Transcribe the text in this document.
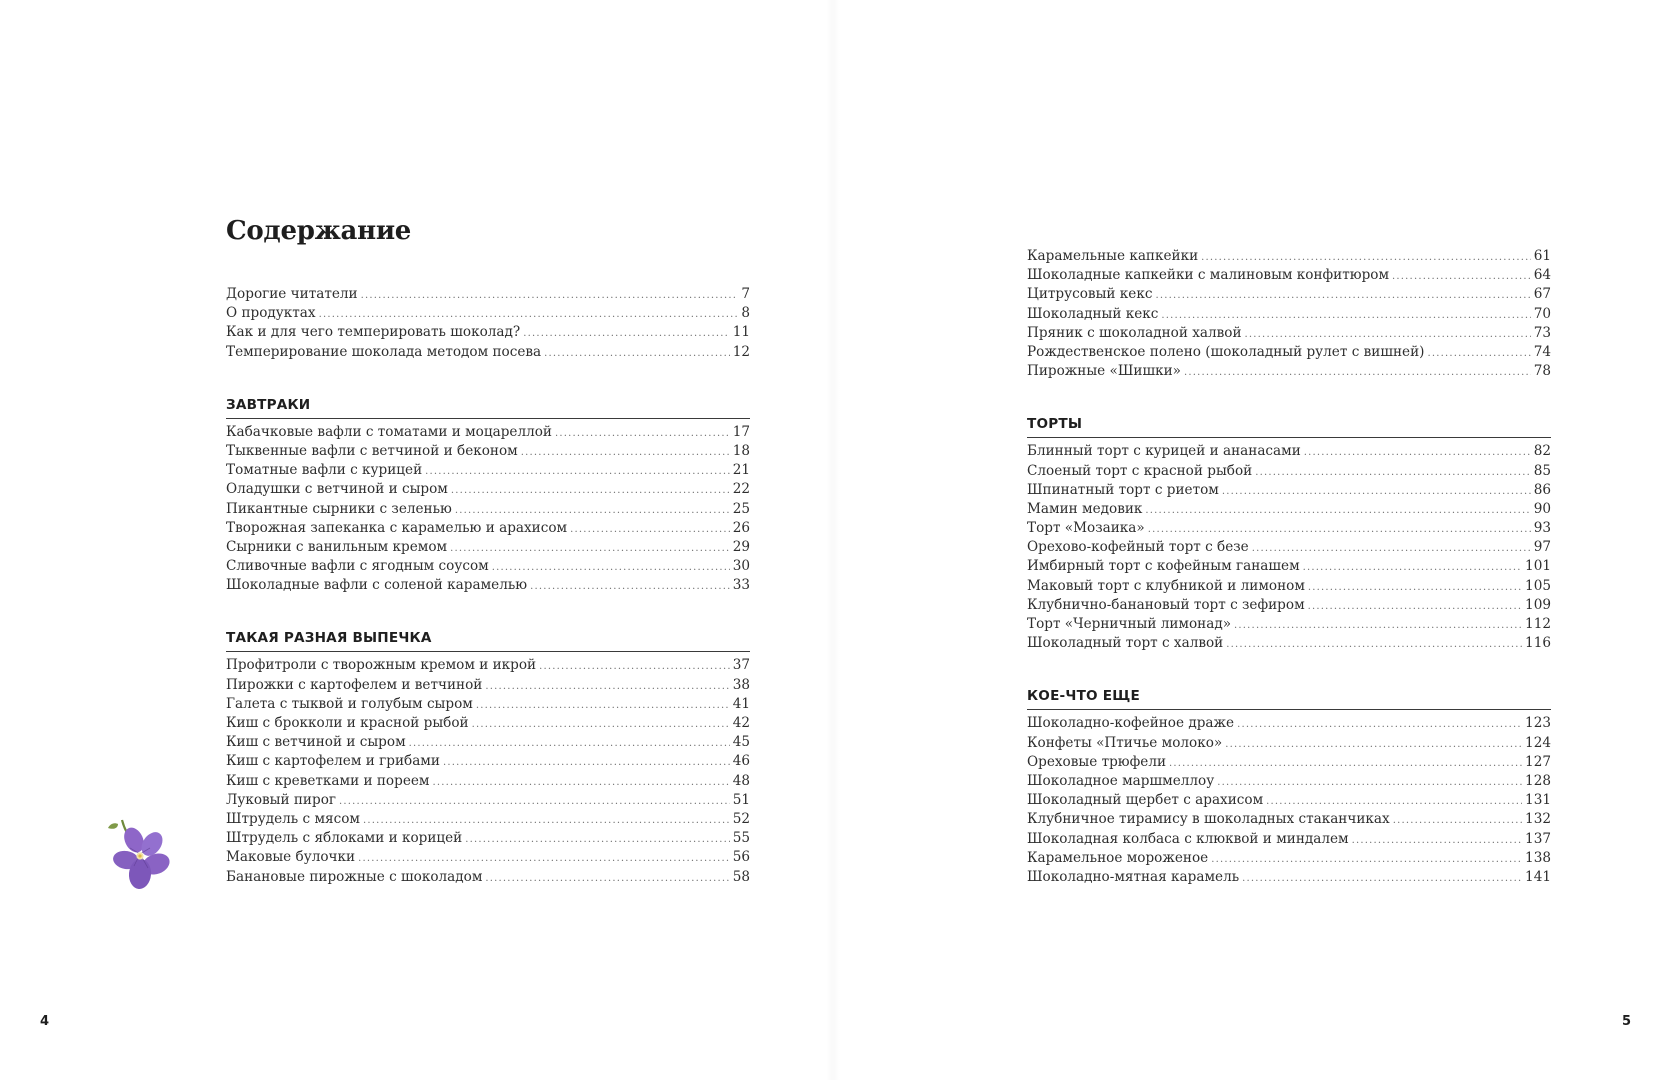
Содержание
Дорогие читатели .....	7
О продуктах .....	8
Как и для чего темперировать шоколад? .....	11
Темперирование шоколада методом посева .....	12
ЗАВТРАКИ
Кабачковые вафли с томатами и моцареллой .....	17
Тыквенные вафли с ветчиной и беконом .....	18
Томатные вафли с курицей .....	21
Оладушки с ветчиной и сыром .....	22
Пикантные сырники с зеленью .....	25
Творожная запеканка с карамелью и арахисом .....	26
Сырники с ванильным кремом .....	29
Сливочные вафли с ягодным соусом .....	30
Шоколадные вафли с соленой карамелью .....	33
ТАКАЯ РАЗНАЯ ВЫПЕЧКА
Профитроли с творожным кремом и икрой .....	37
Пирожки с картофелем и ветчиной .....	38
Галета с тыквой и голубым сыром .....	41
Киш с брокколи и красной рыбой .....	42
Киш с ветчиной и сыром .....	45
Киш с картофелем и грибами .....	46
Киш с креветками и пореем .....	48
Луковый пирог .....	51
Штрудель с мясом .....	52
Штрудель с яблоками и корицей .....	55
Маковые булочки .....	56
Банановые пирожные с шоколадом .....	58
Карамельные капкейки .....	61
Шоколадные капкейки с малиновым конфитюром .....	64
Цитрусовый кекс .....	67
Шоколадный кекс .....	70
Пряник с шоколадной халвой .....	73
Рождественское полено (шоколадный рулет с вишней) .....	74
Пирожные «Шишки» .....	78
ТОРТЫ
Блинный торт с курицей и ананасами .....	82
Слоеный торт с красной рыбой .....	85
Шпинатный торт с риетом .....	86
Мамин медовик .....	90
Торт «Мозаика» .....	93
Орехово-кофейный торт с безе .....	97
Имбирный торт с кофейным ганашем .....	101
Маковый торт с клубникой и лимоном .....	105
Клубнично-банановый торт с зефиром .....	109
Торт «Черничный лимонад» .....	112
Шоколадный торт с халвой .....	116
КОЕ-ЧТО ЕЩЕ
Шоколадно-кофейное драже .....	123
Конфеты «Птичье молоко» .....	124
Ореховые трюфели .....	127
Шоколадное маршмеллоу .....	128
Шоколадный щербет с арахисом .....	131
Клубничное тирамису в шоколадных стаканчиках .....	132
Шоколадная колбаса с клюквой и миндалем .....	137
Карамельное мороженое .....	138
Шоколадно-мятная карамель .....	141
4	5
